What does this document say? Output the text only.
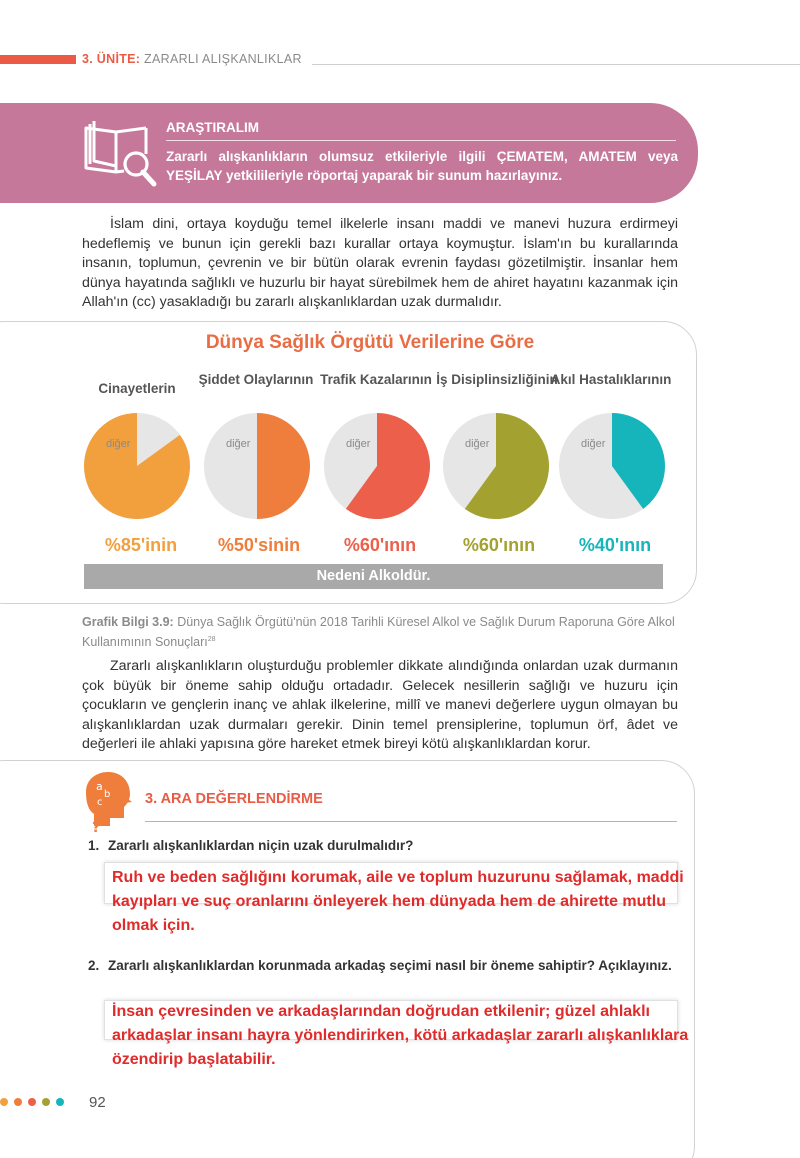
3. ÜNİTE: ZARARLI ALIŞKANLIKLAR
ARAŞTIRALIM
Zararlı alışkanlıkların olumsuz etkileriyle ilgili ÇEMATEM, AMATEM veya YEŞİLAY yetkilileriyle röportaj yaparak bir sunum hazırlayınız.
İslam dini, ortaya koyduğu temel ilkelerle insanı maddi ve manevi huzura erdirmeyi hedeflemiş ve bunun için gerekli bazı kurallar ortaya koymuştur. İslam'ın bu kurallarında insanın, toplumun, çevrenin ve bir bütün olarak evrenin faydası gözetilmiştir. İnsanlar hem dünya hayatında sağlıklı ve huzurlu bir hayat sürebilmek hem de ahiret hayatını kazanmak için Allah'ın (cc) yasakladığı bu zararlı alışkanlıklardan uzak durmalıdır.
Dünya Sağlık Örgütü Verilerine Göre
Cinayetlerin
Şiddet Olaylarının Trafik Kazalarının İş Disiplinsizliğinin
Akıl Hastalıklarının
diğer	diğer	diğer	diğer	diğer
%85'inin	%50'sinin	%60'ının	%60'ının	%40'ının
Nedeni Alkoldür.
Grafik Bilgi 3.9: Dünya Sağlık Örgütü'nün 2018 Tarihli Küresel Alkol ve Sağlık Durum Raporuna Göre Alkol Kullanımının Sonuçları$^{28}$
Zararlı alışkanlıkların oluşturduğu problemler dikkate alındığında onlardan uzak durmanın çok büyük bir öneme sahip olduğu ortadadır. Gelecek nesillerin sağlığı ve huzuru için çocukların ve gençlerin inanç ve ahlak ilkelerine, millî ve manevi değerlere uygun olmayan bu alışkanlıklardan uzak durmaları gerekir. Dinin temel prensiplerine, toplumun örf, âdet ve değerleri ile ahlaki yapısına göre hareket etmek bireyi kötü alışkanlıklardan korur.
a
b
c
?
3. ARA DEĞERLENDİRME
1. Zararlı alışkanlıklardan niçin uzak durulmalıdır?
Ruh ve beden sağlığını korumak, aile ve toplum huzurunu sağlamak, maddi kayıpları ve suç oranlarını önleyerek hem dünyada hem de ahirette mutlu olmak için.
2. Zararlı alışkanlıklardan korunmada arkadaş seçimi nasıl bir öneme sahiptir? Açıklayınız.
İnsan çevresinden ve arkadaşlarından doğrudan etkilenir; güzel ahlaklı arkadaşlar insanı hayra yönlendirirken, kötü arkadaşlar zararlı alışkanlıklara özendirip başlatabilir.
92
